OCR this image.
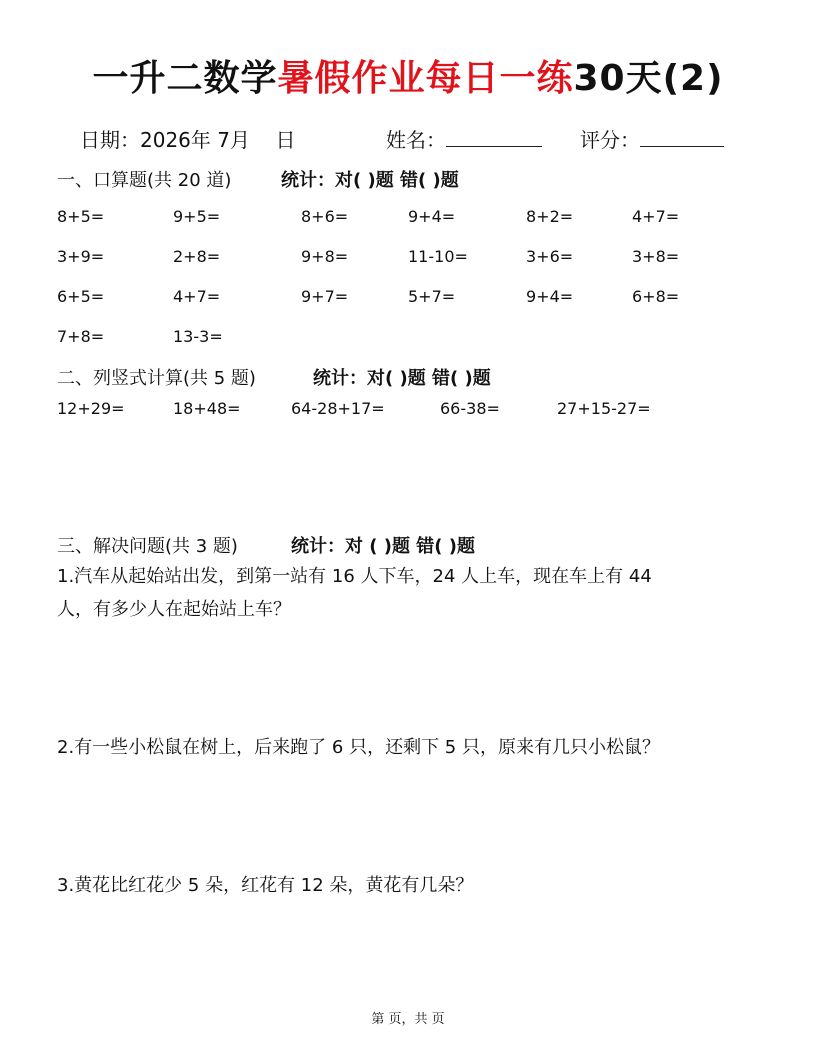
一升二数学暑假作业每日一练30天(2)
日期：2026年 7月 日	姓名：	评分：
一、口算题(共 20 道)	统计：对( )题 错( )题
8+5=	9+5=	8+6=	9+4=	8+2=	4+7=
3+9=	2+8=	9+8=	11-10=	3+6=	3+8=
6+5=	4+7=	9+7=	5+7=	9+4=	6+8=
7+8=	13-3=
二、列竖式计算(共 5 题)	统计：对( )题 错( )题
12+29=	18+48=	64-28+17=	66-38=	27+15-27=
三、解决问题(共 3 题)	统计：对 ( )题 错( )题
1.汽车从起始站出发，到第一站有 16 人下车，24 人上车，现在车上有 44
人，有多少人在起始站上车？
2.有一些小松鼠在树上，后来跑了 6 只，还剩下 5 只，原来有几只小松鼠？
3.黄花比红花少 5 朵，红花有 12 朵，黄花有几朵？
第 页，共 页
